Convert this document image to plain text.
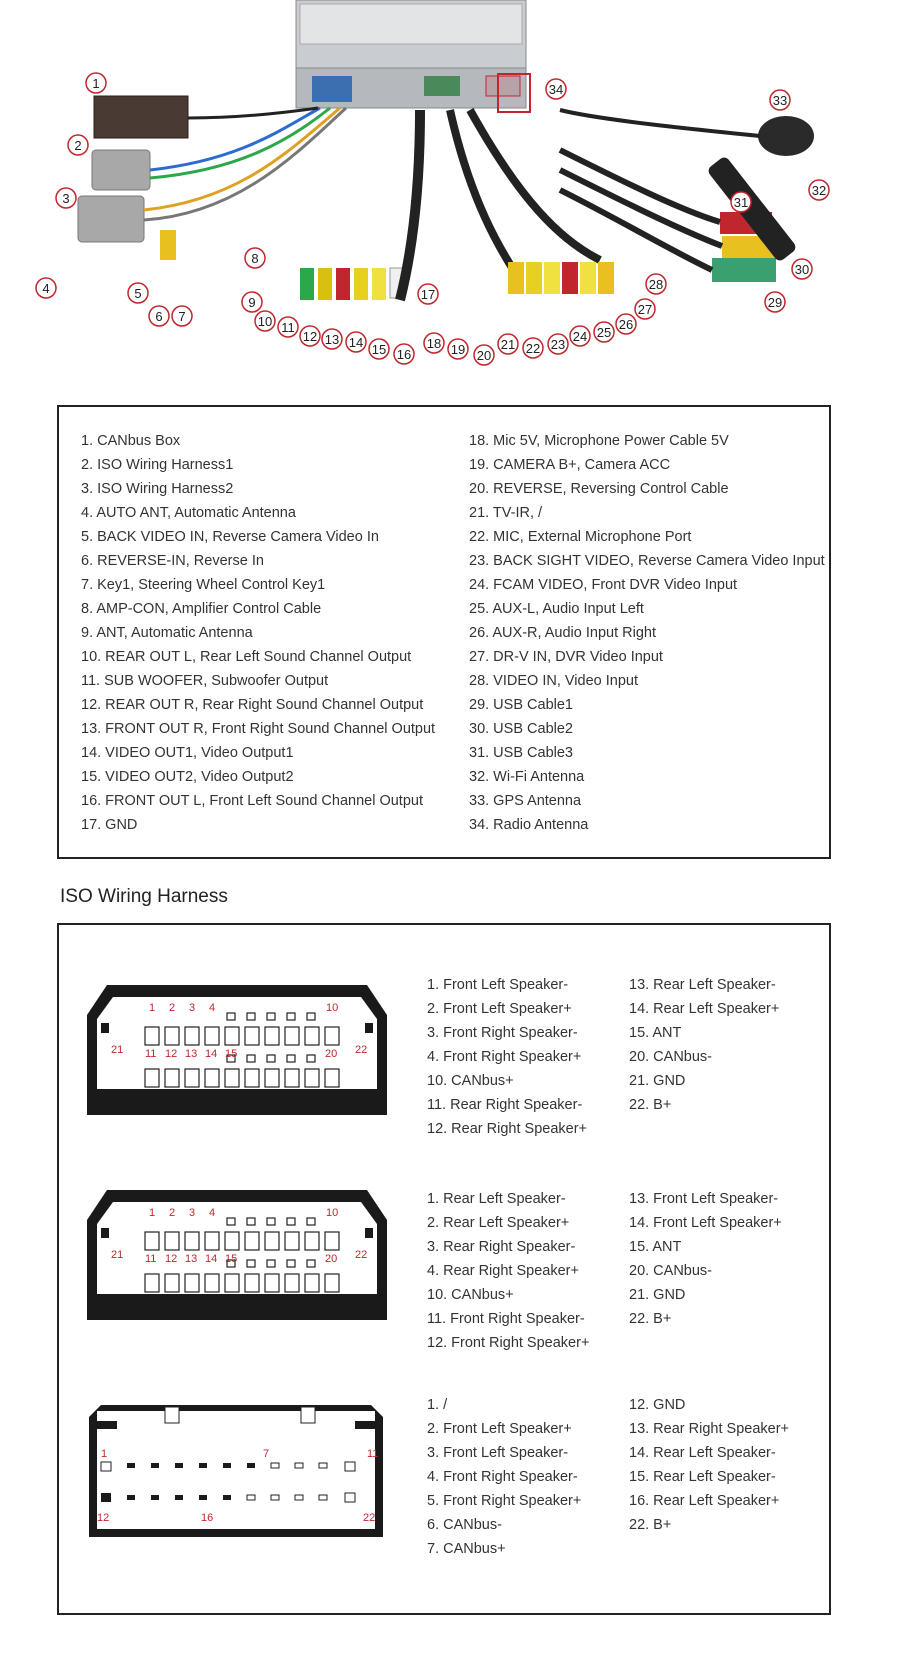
1
2
3
4	5
6 7
8
9
10 11
12 13 14 15 16
17
18 19 20
21 22 23
24 25
26
27
28
29
30
31
32
33
34
1. CANbus Box
2. ISO Wiring Harness1
3. ISO Wiring Harness2
4. AUTO ANT, Automatic Antenna
5. BACK VIDEO IN, Reverse Camera Video In
6. REVERSE-IN, Reverse In
7. Key1, Steering Wheel Control Key1
8. AMP-CON, Amplifier Control Cable
9. ANT, Automatic Antenna
10. REAR OUT L, Rear Left Sound Channel Output
11. SUB WOOFER, Subwoofer Output
12. REAR OUT R, Rear Right Sound Channel Output
13. FRONT OUT R, Front Right Sound Channel Output
14. VIDEO OUT1, Video Output1
15. VIDEO OUT2, Video Output2
16. FRONT OUT L, Front Left Sound Channel Output
17. GND
18. Mic 5V, Microphone Power Cable 5V
19. CAMERA B+, Camera ACC
20. REVERSE, Reversing Control Cable
21. TV-IR, /
22. MIC, External Microphone Port
23. BACK SIGHT VIDEO, Reverse Camera Video Input
24. FCAM VIDEO, Front DVR Video Input
25. AUX-L, Audio Input Left
26. AUX-R, Audio Input Right
27. DR-V IN, DVR Video Input
28. VIDEO IN, Video Input
29. USB Cable1
30. USB Cable2
31. USB Cable3
32. Wi-Fi Antenna
33. GPS Antenna
34. Radio Antenna
ISO Wiring Harness
1 2 3 4	10
11 12 13 14 15	20
21	22
1. Front Left Speaker-
2. Front Left Speaker+
3. Front Right Speaker-
4. Front Right Speaker+
10. CANbus+
11. Rear Right Speaker-
12. Rear Right Speaker+
13. Rear Left Speaker-
14. Rear Left Speaker+
15. ANT
20. CANbus-
21. GND
22. B+
1 2 3 4	10
11 12 13 14 15	20
21	22
1. Rear Left Speaker-
2. Rear Left Speaker+
3. Rear Right Speaker-
4. Rear Right Speaker+
10. CANbus+
11. Front Right Speaker-
12. Front Right Speaker+
13. Front Left Speaker-
14. Front Left Speaker+
15. ANT
20. CANbus-
21. GND
22. B+
1	7	11
12	16	22
1. /
2. Front Left Speaker+
3. Front Left Speaker-
4. Front Right Speaker-
5. Front Right Speaker+
6. CANbus-
7. CANbus+
12. GND
13. Rear Right Speaker+
14. Rear Left Speaker-
15. Rear Left Speaker-
16. Rear Left Speaker+
22. B+
